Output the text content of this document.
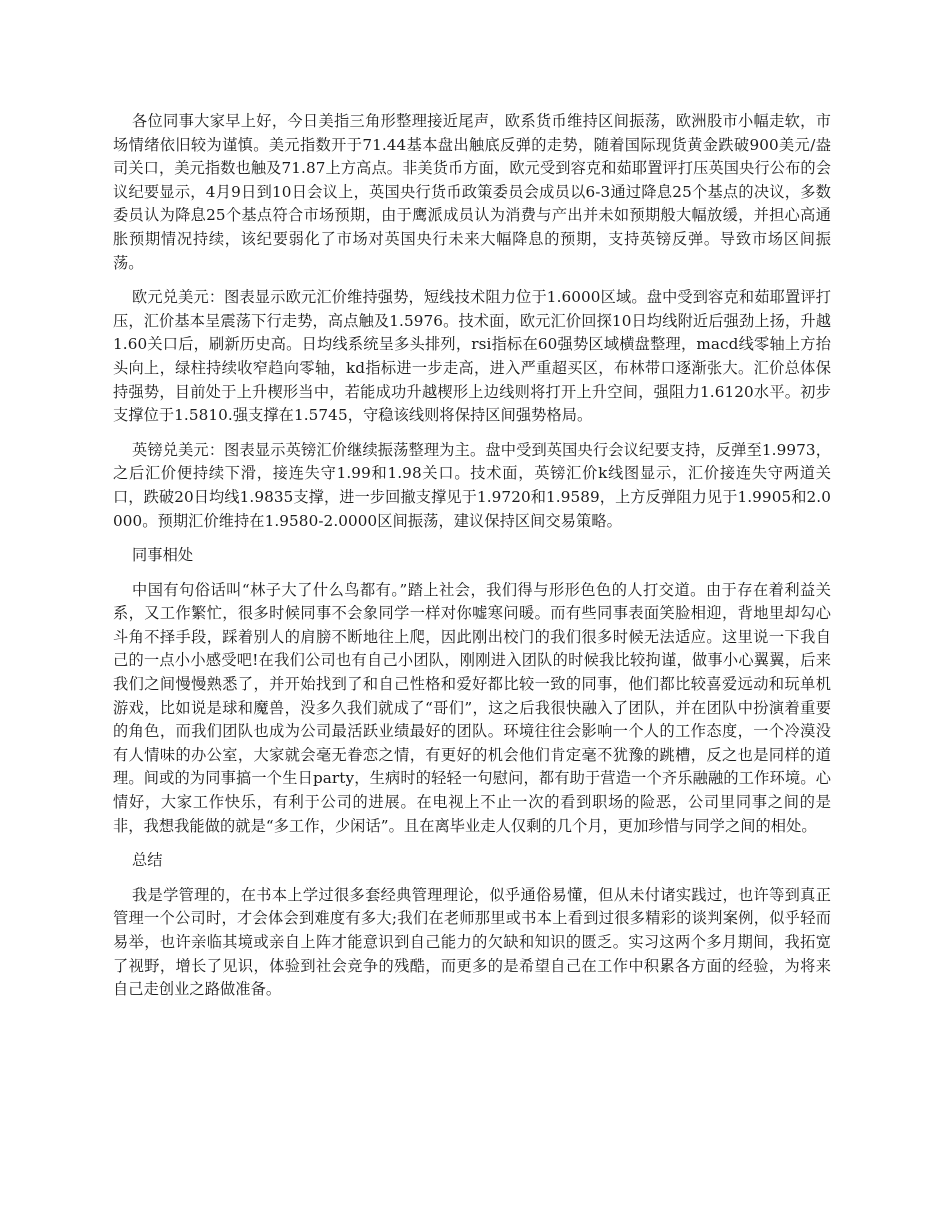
各位同事大家早上好，今日美指三角形整理接近尾声，欧系货币维持区间振荡，欧洲股市小幅走软，市场情绪依旧较为谨慎。美元指数开于71.44基本盘出触底反弹的走势，随着国际现货黄金跌破900美元/盎司关口，美元指数也触及71.87上方高点。非美货币方面，欧元受到容克和茹耶置评打压英国央行公布的会议纪要显示，4月9日到10日会议上，英国央行货币政策委员会成员以6-3通过降息25个基点的决议，多数委员认为降息25个基点符合市场预期，由于鹰派成员认为消费与产出并未如预期般大幅放缓，并担心高通胀预期情况持续，该纪要弱化了市场对英国央行未来大幅降息的预期，支持英镑反弹。导致市场区间振荡。

欧元兑美元：图表显示欧元汇价维持强势，短线技术阻力位于1.6000区域。盘中受到容克和茹耶置评打压，汇价基本呈震荡下行走势，高点触及1.5976。技术面，欧元汇价回探10日均线附近后强劲上扬，升越1.60关口后，刷新历史高。日均线系统呈多头排列，rsi指标在60强势区域横盘整理，macd线零轴上方抬头向上，绿柱持续收窄趋向零轴，kd指标进一步走高，进入严重超买区，布林带口逐渐张大。汇价总体保持强势，目前处于上升楔形当中，若能成功升越楔形上边线则将打开上升空间，强阻力1.6120水平。初步支撑位于1.5810.强支撑在1.5745，守稳该线则将保持区间强势格局。

英镑兑美元：图表显示英镑汇价继续振荡整理为主。盘中受到英国央行会议纪要支持，反弹至1.9973，之后汇价便持续下滑，接连失守1.99和1.98关口。技术面，英镑汇价k线图显示，汇价接连失守两道关口，跌破20日均线1.9835支撑，进一步回撤支撑见于1.9720和1.9589，上方反弹阻力见于1.9905和2.0000。预期汇价维持在1.9580-2.0000区间振荡，建议保持区间交易策略。

同事相处

中国有句俗话叫“林子大了什么鸟都有。”踏上社会，我们得与形形色色的人打交道。由于存在着利益关系，又工作繁忙，很多时候同事不会象同学一样对你嘘寒问暖。而有些同事表面笑脸相迎，背地里却勾心斗角不择手段，踩着别人的肩膀不断地往上爬，因此刚出校门的我们很多时候无法适应。这里说一下我自己的一点小小感受吧!在我们公司也有自己小团队，刚刚进入团队的时候我比较拘谨，做事小心翼翼，后来我们之间慢慢熟悉了，并开始找到了和自己性格和爱好都比较一致的同事，他们都比较喜爱远动和玩单机游戏，比如说是球和魔兽，没多久我们就成了“哥们”，这之后我很快融入了团队，并在团队中扮演着重要的角色，而我们团队也成为公司最活跃业绩最好的团队。环境往往会影响一个人的工作态度，一个冷漠没有人情味的办公室，大家就会毫无眷恋之情，有更好的机会他们肯定毫不犹豫的跳槽，反之也是同样的道理。间或的为同事搞一个生日party，生病时的轻轻一句慰问，都有助于营造一个齐乐融融的工作环境。心情好，大家工作快乐，有利于公司的进展。在电视上不止一次的看到职场的险恶，公司里同事之间的是非，我想我能做的就是“多工作，少闲话”。且在离毕业走人仅剩的几个月，更加珍惜与同学之间的相处。

总结

我是学管理的，在书本上学过很多套经典管理理论，似乎通俗易懂，但从未付诸实践过，也许等到真正管理一个公司时，才会体会到难度有多大;我们在老师那里或书本上看到过很多精彩的谈判案例，似乎轻而易举，也许亲临其境或亲自上阵才能意识到自己能力的欠缺和知识的匮乏。实习这两个多月期间，我拓宽了视野，增长了见识，体验到社会竞争的残酷，而更多的是希望自己在工作中积累各方面的经验，为将来自己走创业之路做准备。
